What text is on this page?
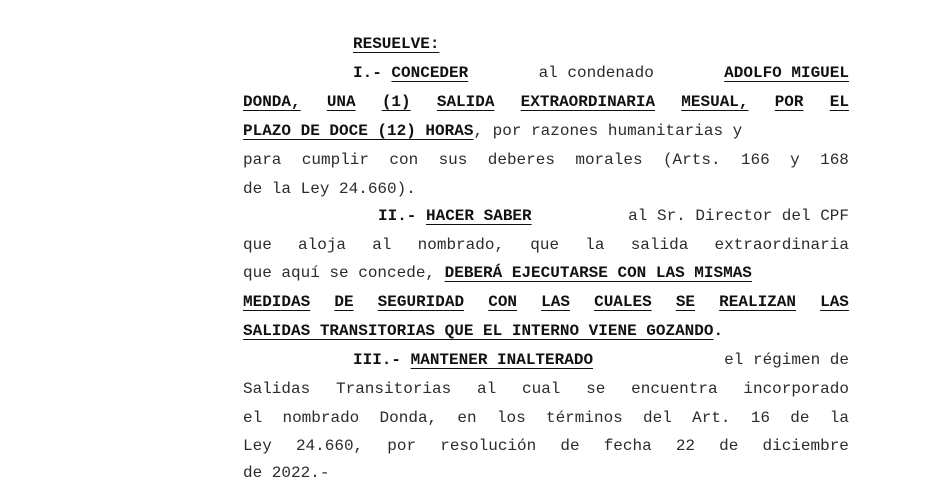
RESUELVE:
I.- CONCEDER	al condenado	ADOLFO MIGUEL
DONDA, UNA (1) SALIDA EXTRAORDINARIA MESUAL, POR EL
PLAZO DE DOCE (12) HORAS , por razones humanitarias y
para cumplir con sus deberes morales (Arts. 166 y 168
de la Ley 24.660).
II.- HACER SABER	al Sr. Director del CPF
que aloja al nombrado, que la salida extraordinaria
que aquí se concede, DEBERÁ EJECUTARSE CON LAS MISMAS
MEDIDAS DE SEGURIDAD CON LAS CUALES SE REALIZAN LAS
SALIDAS TRANSITORIAS QUE EL INTERNO VIENE GOZANDO .
III.- MANTENER INALTERADO	el régimen de
Salidas Transitorias al cual se encuentra incorporado
el nombrado Donda, en los términos del Art. 16 de la
Ley 24.660, por resolución de fecha 22 de diciembre
de 2022.-
